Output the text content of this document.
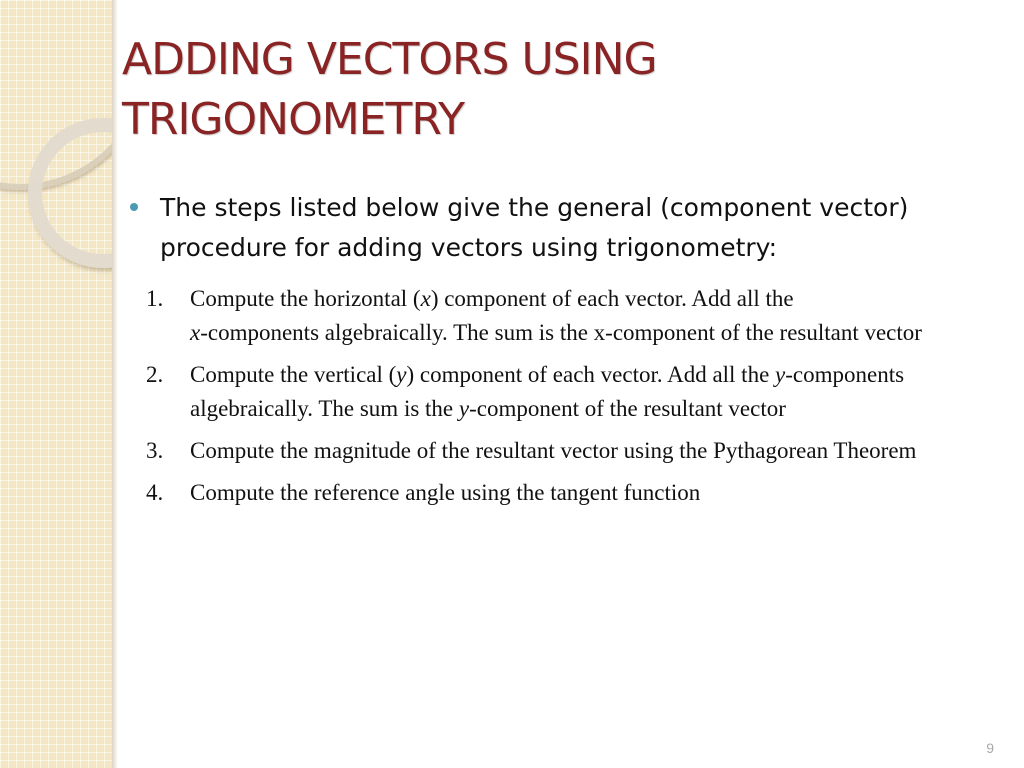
ADDING VECTORS USING
TRIGONOMETRY
The steps listed below give the general (component vector) procedure for adding vectors using trigonometry:
1.	Compute the horizontal (x) component of each vector. Add all the
x-components algebraically. The sum is the x-component of the resultant vector
2.	Compute the vertical (y) component of each vector. Add all the y-components algebraically. The sum is the y-component of the resultant vector
3.	Compute the magnitude of the resultant vector using the Pythagorean Theorem
4.	Compute the reference angle using the tangent function
9
